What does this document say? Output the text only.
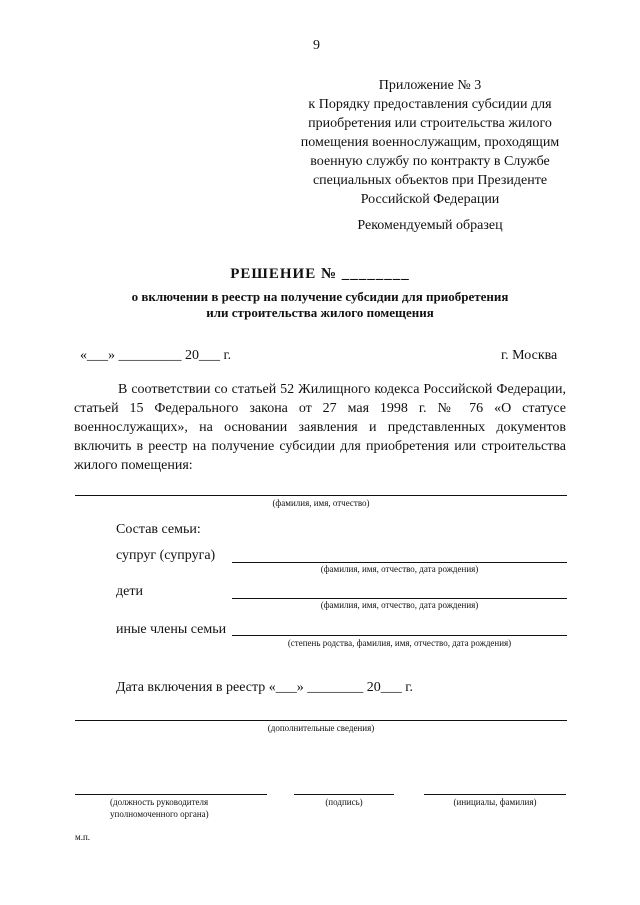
9
Приложение № 3
к Порядку предоставления субсидии для
приобретения или строительства жилого
помещения военнослужащим, проходящим
военную службу по контракту в Службе
специальных объектов при Президенте
Российской Федерации
Рекомендуемый образец
РЕШЕНИЕ № ________
о включении в реестр на получение субсидии для приобретения
или строительства жилого помещения
«___» _________ 20___ г.	г. Москва
В соответствии со статьей 52 Жилищного кодекса Российской Федерации,
статьей 15 Федерального закона от 27 мая 1998 г. № 76 «О статусе
военнослужащих», на основании заявления и представленных документов
включить в реестр на получение субсидии для приобретения или строительства
жилого помещения:
(фамилия, имя, отчество)
Состав семьи:
супруг (супруга)
(фамилия, имя, отчество, дата рождения)
дети
(фамилия, имя, отчество, дата рождения)
иные члены семьи
(степень родства, фамилия, имя, отчество, дата рождения)
Дата включения в реестр «___» ________ 20___ г.
(дополнительные сведения)
(должность руководителя
уполномоченного органа)
(подпись)	(инициалы, фамилия)
м.п.
